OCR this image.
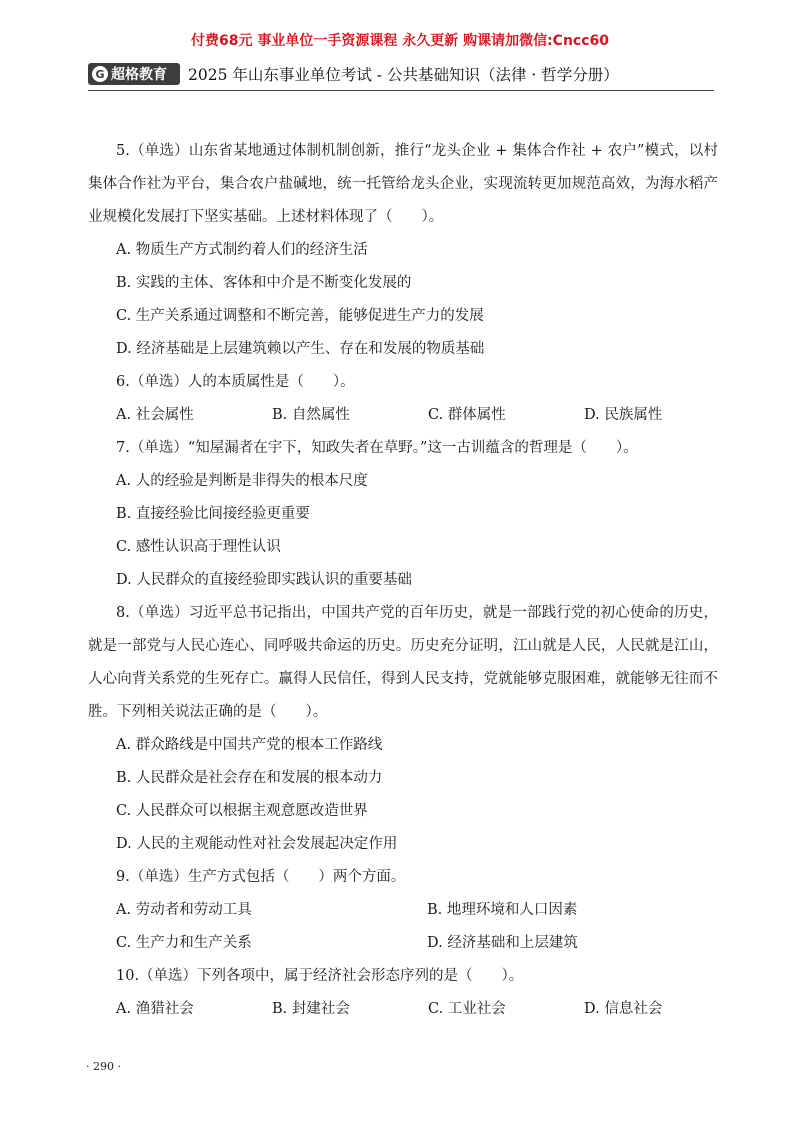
付费68元 事业单位一手资源课程 永久更新 购课请加微信:Cncc60
G 超格教育 2025 年山东事业单位考试 - 公共基础知识（法律 · 哲学分册）

5.（单选）山东省某地通过体制机制创新，推行“龙头企业 + 集体合作社 + 农户”模式，以村集体合作社为平台，集合农户盐碱地，统一托管给龙头企业，实现流转更加规范高效，为海水稻产业规模化发展打下坚实基础。上述材料体现了（　　）。

A. 物质生产方式制约着人们的经济生活

B. 实践的主体、客体和中介是不断变化发展的

C. 生产关系通过调整和不断完善，能够促进生产力的发展

D. 经济基础是上层建筑赖以产生、存在和发展的物质基础

6.（单选）人的本质属性是（　　）。

A. 社会属性	B. 自然属性	C. 群体属性	D. 民族属性

7.（单选）“知屋漏者在宇下，知政失者在草野。”这一古训蕴含的哲理是（　　）。

A. 人的经验是判断是非得失的根本尺度

B. 直接经验比间接经验更重要

C. 感性认识高于理性认识

D. 人民群众的直接经验即实践认识的重要基础

8.（单选）习近平总书记指出，中国共产党的百年历史，就是一部践行党的初心使命的历史，就是一部党与人民心连心、同呼吸共命运的历史。历史充分证明，江山就是人民，人民就是江山，人心向背关系党的生死存亡。赢得人民信任，得到人民支持，党就能够克服困难，就能够无往而不胜。下列相关说法正确的是（　　）。

A. 群众路线是中国共产党的根本工作路线

B. 人民群众是社会存在和发展的根本动力

C. 人民群众可以根据主观意愿改造世界

D. 人民的主观能动性对社会发展起决定作用

9.（单选）生产方式包括（　　）两个方面。

A. 劳动者和劳动工具	B. 地理环境和人口因素
C. 生产力和生产关系	D. 经济基础和上层建筑

10.（单选）下列各项中，属于经济社会形态序列的是（　　）。

A. 渔猎社会	B. 封建社会	C. 工业社会	D. 信息社会
· 290 ·
